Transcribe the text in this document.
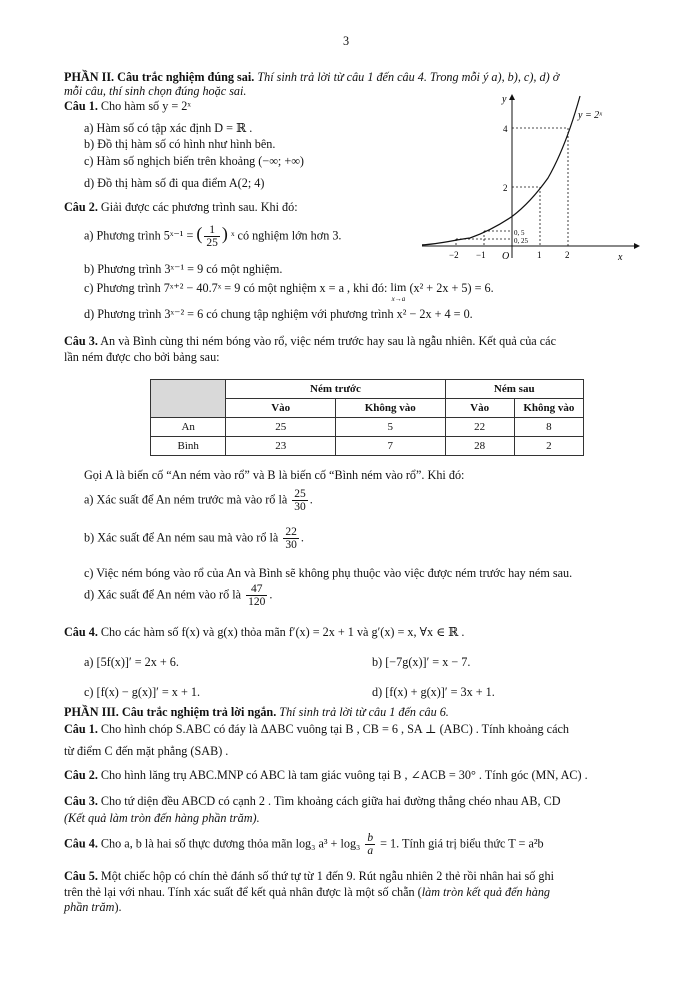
3
PHẦN II. Câu trắc nghiệm đúng sai. Thí sinh trả lời từ câu 1 đến câu 4. Trong mỗi ý a), b), c), d) ở
mỗi câu, thí sinh chọn đúng hoặc sai.
Câu 1. Cho hàm số y = 2ˣ
a) Hàm số có tập xác định D = ℝ .
b) Đồ thị hàm số có hình như hình bên.
c) Hàm số nghịch biến trên khoảng (−∞; +∞)
d) Đồ thị hàm số đi qua điểm A(2; 4)
y = 2ˣ
y
x
O
−2 −1	1	2
4
2
0, 5
0, 25
Câu 2. Giải được các phương trình sau. Khi đó:
a) Phương trình 5ˣ⁻¹ = ( $\frac{1}{25}$ ) ˣ có nghiệm lớn hơn 3.
b) Phương trình 3ˣ⁻¹ = 9 có một nghiệm.
c) Phương trình 7ˣ⁺² − 40.7ˣ = 9 có một nghiệm x = a , khi đó: lim
x→a
(x² + 2x + 5) = 6.
d) Phương trình 3ˣ⁻² = 6 có chung tập nghiệm với phương trình x² − 2x + 4 = 0.
Câu 3. An và Bình cùng thi ném bóng vào rổ, việc ném trước hay sau là ngẫu nhiên. Kết quả của các
lần ném được cho bởi bảng sau:
	Ném trước		Ném sau	
	Vào	Không vào	Vào	Không vào
An	25	5	22	8
Bình	23	7	28	2
Gọi A là biến cố “An ném vào rổ” và B là biến cố “Bình ném vào rổ”. Khi đó:
a) Xác suất để An ném trước mà vào rổ là $\frac{25}{30}$ .
b) Xác suất để An ném sau mà vào rổ là $\frac{22}{30}$ .
c) Việc ném bóng vào rổ của An và Bình sẽ không phụ thuộc vào việc được ném trước hay ném sau.
d) Xác suất để An ném vào rổ là $\frac{47}{120}$ .
Câu 4. Cho các hàm số f(x) và g(x) thỏa mãn f′(x) = 2x + 1 và g′(x) = x, ∀x ∈ ℝ .
a) [5f(x)]′ = 2x + 6.	b) [−7g(x)]′ = x − 7.
c) [f(x) − g(x)]′ = x + 1.	d) [f(x) + g(x)]′ = 3x + 1.
PHẦN III. Câu trắc nghiệm trả lời ngắn. Thí sinh trả lời từ câu 1 đến câu 6.
Câu 1. Cho hình chóp S.ABC có đáy là ΔABC vuông tại B , CB = 6 , SA ⊥ (ABC) . Tính khoảng cách
từ điểm C đến mặt phẳng (SAB) .
Câu 2. Cho hình lăng trụ ABC.MNP có ABC là tam giác vuông tại B , ∠ACB = 30° . Tính góc (MN, AC) .
Câu 3. Cho tứ diện đều ABCD có cạnh 2 . Tìm khoảng cách giữa hai đường thẳng chéo nhau AB, CD
(Kết quả làm tròn đến hàng phần trăm).
Câu 4. Cho a, b là hai số thực dương thỏa mãn log₃ $a^3 + \log_3 \frac{b}{a} = 1$. Tính giá trị biểu thức T = a²b
Câu 5. Một chiếc hộp có chín thẻ đánh số thứ tự từ 1 đến 9. Rút ngẫu nhiên 2 thẻ rồi nhân hai số ghi
trên thẻ lại với nhau. Tính xác suất để kết quả nhân được là một số chẵn (làm tròn kết quả đến hàng
phần trăm).
